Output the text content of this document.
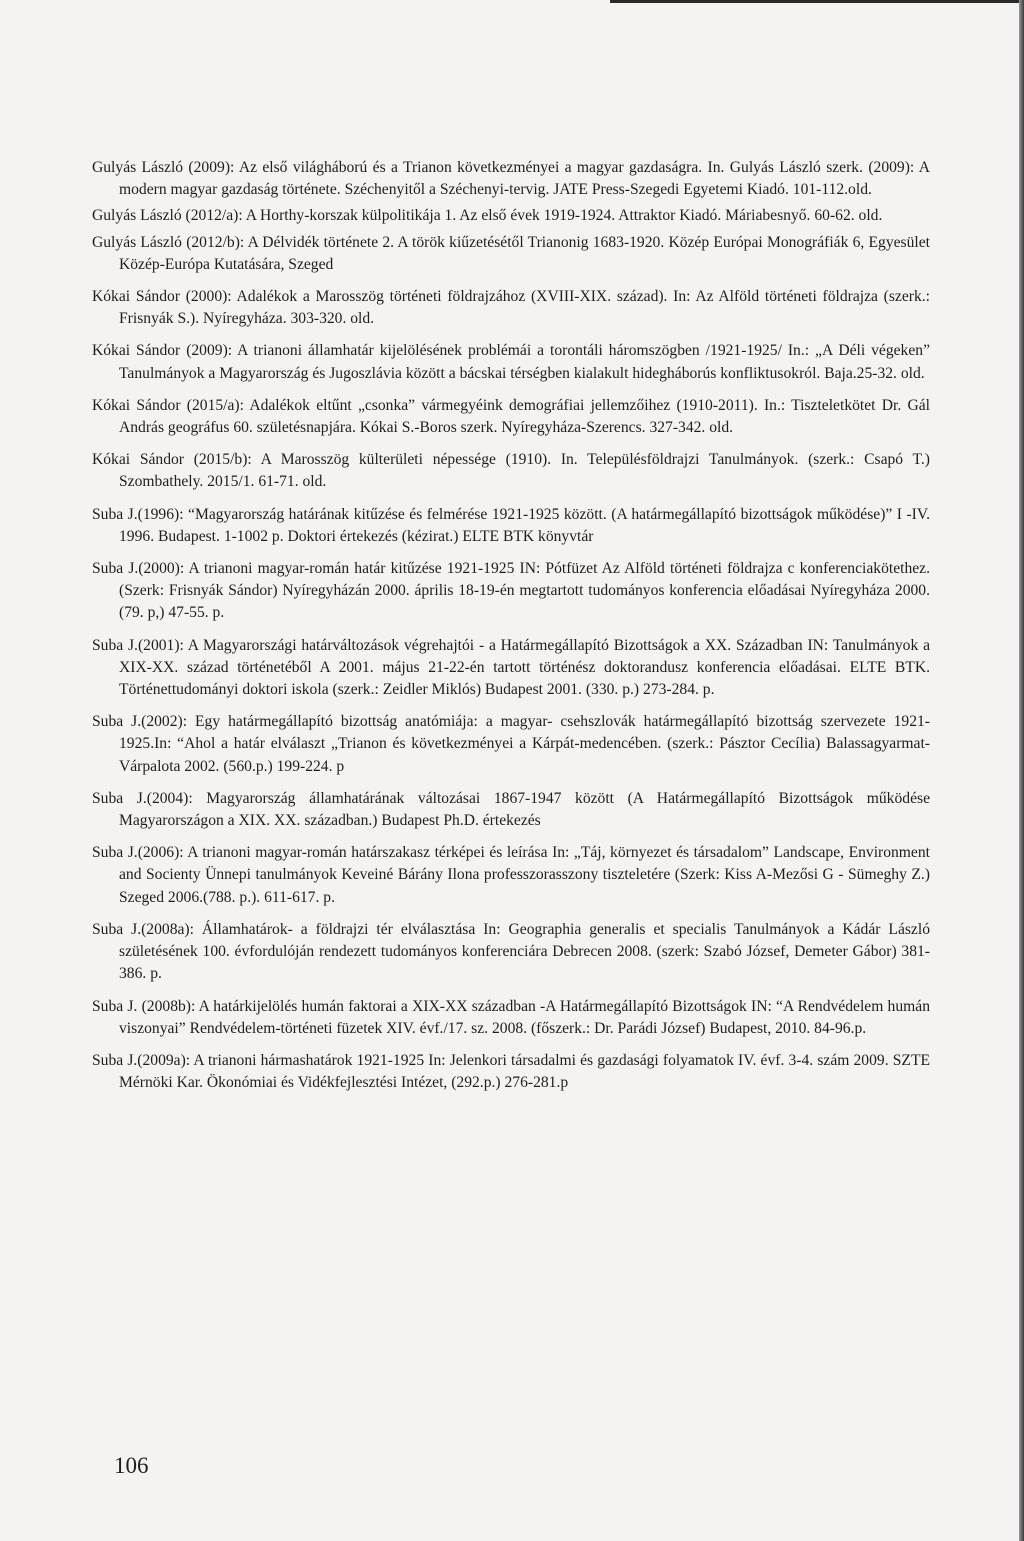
Gulyás László (2009): Az első világháború és a Trianon következményei a magyar gazdaságra. In. Gulyás László szerk. (2009): A modern magyar gazdaság története. Széchenyitől a Széchenyi-tervig. JATE Press-Szegedi Egyetemi Kiadó. 101-112.old.
Gulyás László (2012/a): A Horthy-korszak külpolitikája 1. Az első évek 1919-1924. Attraktor Kiadó. Máriabesnyő. 60-62. old.
Gulyás László (2012/b): A Délvidék története 2. A török kiűzetésétől Trianonig 1683-1920. Közép Európai Monográfiák 6, Egyesület Közép-Európa Kutatására, Szeged
Kókai Sándor (2000): Adalékok a Marosszög történeti földrajzához (XVIII-XIX. század). In: Az Alföld történeti földrajza (szerk.: Frisnyák S.). Nyíregyháza. 303-320. old.
Kókai Sándor (2009): A trianoni államhatár kijelölésének problémái a torontáli háromszögben /1921-1925/ In.: „A Déli végeken” Tanulmányok a Magyarország és Jugoszlávia között a bácskai térségben kialakult hidegháborús konfliktusokról. Baja.25-32. old.
Kókai Sándor (2015/a): Adalékok eltűnt „csonka” vármegyéink demográfiai jellemzőihez (1910-2011). In.: Tiszteletkötet Dr. Gál András geográfus 60. születésnapjára. Kókai S.-Boros szerk. Nyíregyháza-Szerencs. 327-342. old.
Kókai Sándor (2015/b): A Marosszög külterületi népessége (1910). In. Településföldrajzi Tanulmányok. (szerk.: Csapó T.) Szombathely. 2015/1. 61-71. old.
Suba J.(1996): “Magyarország határának kitűzése és felmérése 1921-1925 között. (A határmegállapító bizottságok működése)” I -IV. 1996. Budapest. 1-1002 p. Doktori értekezés (kézirat.) ELTE BTK könyvtár
Suba J.(2000): A trianoni magyar-román határ kitűzése 1921-1925 IN: Pótfüzet Az Alföld történeti földrajza c konferenciakötethez. (Szerk: Frisnyák Sándor) Nyíregyházán 2000. április 18-19-én megtartott tudományos konferencia előadásai Nyíregyháza 2000.(79. p,) 47-55. p.
Suba J.(2001): A Magyarországi határváltozások végrehajtói - a Határmegállapító Bizottságok a XX. Században IN: Tanulmányok a XIX-XX. század történetéből A 2001. május 21-22-én tartott történész doktorandusz konferencia előadásai. ELTE BTK. Történettudományi doktori iskola (szerk.: Zeidler Miklós) Budapest 2001. (330. p.) 273-284. p.
Suba J.(2002): Egy határmegállapító bizottság anatómiája: a magyar- csehszlovák határmegállapító bizottság szervezete 1921- 1925.In: “Ahol a határ elválaszt „Trianon és következményei a Kárpát-medencében. (szerk.: Pásztor Cecília) Balassagyarmat-Várpalota 2002. (560.p.) 199-224. p
Suba J.(2004): Magyarország államhatárának változásai 1867-1947 között (A Határmegállapító Bizottságok működése Magyarországon a XIX. XX. században.) Budapest Ph.D. értekezés
Suba J.(2006): A trianoni magyar-román határszakasz térképei és leírása In: „Táj, környezet és társadalom” Landscape, Environment and Socienty Ünnepi tanulmányok Keveiné Bárány Ilona professzorasszony tiszteletére (Szerk: Kiss A-Mezősi G - Sümeghy Z.) Szeged 2006.(788. p.). 611-617. p.
Suba J.(2008a): Államhatárok- a földrajzi tér elválasztása In: Geographia generalis et specialis Tanulmányok a Kádár László születésének 100. évfordulóján rendezett tudományos konferenciára Debrecen 2008. (szerk: Szabó József, Demeter Gábor) 381-386. p.
Suba J. (2008b): A határkijelölés humán faktorai a XIX-XX században -A Határmegállapító Bizottságok IN: “A Rendvédelem humán viszonyai” Rendvédelem-történeti füzetek XIV. évf./17. sz. 2008. (főszerk.: Dr. Parádi József) Budapest, 2010. 84-96.p.
Suba J.(2009a): A trianoni hármashatárok 1921-1925 In: Jelenkori társadalmi és gazdasági folyamatok IV. évf. 3-4. szám 2009. SZTE Mérnöki Kar. Ökonómiai és Vidékfejlesztési Intézet, (292.p.) 276-281.p
106
